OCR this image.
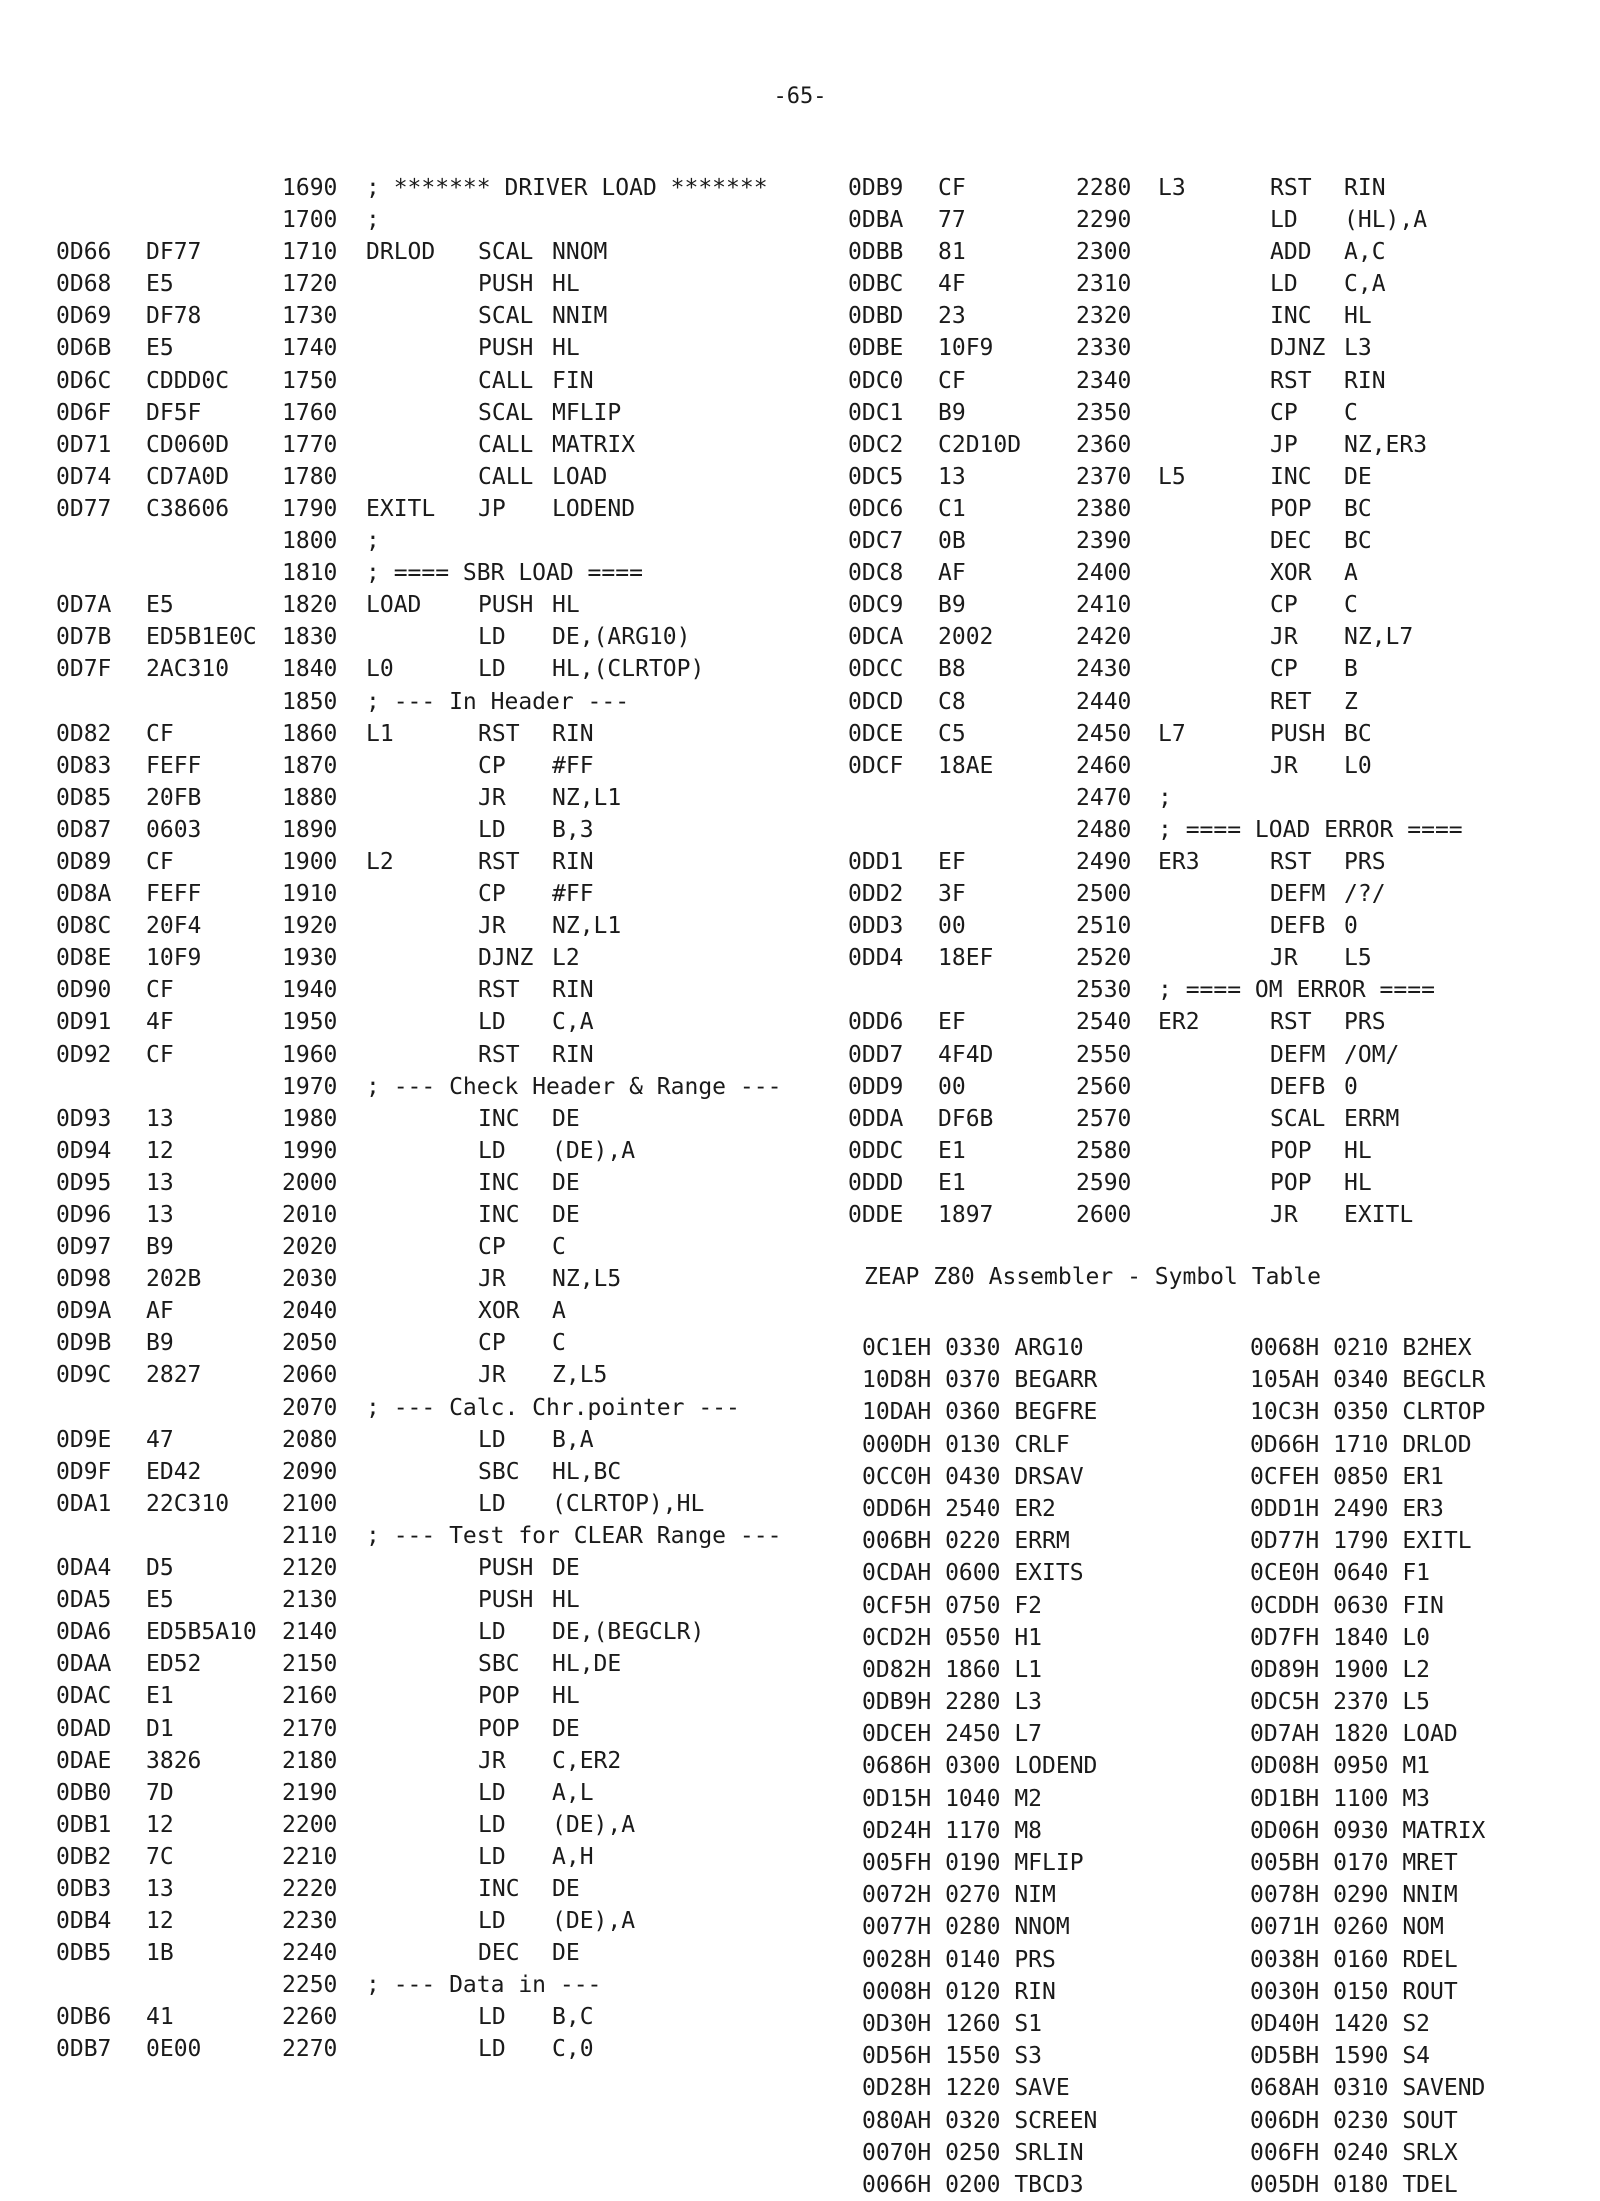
-65-
1690 ; ******* DRIVER LOAD *******
1700 ;
0D66 DF77	1710 DRLOD SCAL NNOM
0D68 E5	1720	PUSH HL
0D69 DF78	1730	SCAL NNIM
0D6B E5	1740	PUSH HL
0D6C CDDD0C 1750	CALL FIN
0D6F DF5F	1760	SCAL MFLIP
0D71 CD060D 1770	CALL MATRIX
0D74 CD7A0D 1780	CALL LOAD
0D77 C38606 1790 EXITL JP LODEND
1800 ;
1810 ; ==== SBR LOAD ====
0D7A E5	1820 LOAD PUSH HL
0D7B ED5B1E0C 1830	LD DE,(ARG10)
0D7F 2AC310 1840 L0	LD HL,(CLRTOP)
1850 ; --- In Header ---
0D82 CF	1860 L1	RST RIN
0D83 FEFF	1870	CP #FF
0D85 20FB	1880	JR NZ,L1
0D87 0603	1890	LD B,3
0D89 CF	1900 L2	RST RIN
0D8A FEFF	1910	CP #FF
0D8C 20F4	1920	JR NZ,L1
0D8E 10F9	1930	DJNZ L2
0D90 CF	1940	RST RIN
0D91 4F	1950	LD C,A
0D92 CF	1960	RST RIN
1970 ; --- Check Header & Range ---
0D93 13	1980	INC DE
0D94 12	1990	LD (DE),A
0D95 13	2000	INC DE
0D96 13	2010	INC DE
0D97 B9	2020	CP C
0D98 202B	2030	JR NZ,L5
0D9A AF	2040	XOR A
0D9B B9	2050	CP C
0D9C 2827	2060	JR Z,L5
2070 ; --- Calc. Chr.pointer ---
0D9E 47	2080	LD B,A
0D9F ED42	2090	SBC HL,BC
0DA1 22C310 2100	LD (CLRTOP),HL
2110 ; --- Test for CLEAR Range ---
0DA4 D5	2120	PUSH DE
0DA5 E5	2130	PUSH HL
0DA6 ED5B5A10 2140	LD DE,(BEGCLR)
0DAA ED52	2150	SBC HL,DE
0DAC E1	2160	POP HL
0DAD D1	2170	POP DE
0DAE 3826	2180	JR C,ER2
0DB0 7D	2190	LD A,L
0DB1 12	2200	LD (DE),A
0DB2 7C	2210	LD A,H
0DB3 13	2220	INC DE
0DB4 12	2230	LD (DE),A
0DB5 1B	2240	DEC DE
2250 ; --- Data in ---
0DB6 41	2260	LD B,C
0DB7 0E00	2270	LD C,0
0DB9 CF	2280 L3	RST RIN
0DBA 77	2290	LD (HL),A
0DBB 81	2300	ADD A,C
0DBC 4F	2310	LD C,A
0DBD 23	2320	INC HL
0DBE 10F9	2330	DJNZ L3
0DC0 CF	2340	RST RIN
0DC1 B9	2350	CP C
0DC2 C2D10D 2360	JP NZ,ER3
0DC5 13	2370 L5	INC DE
0DC6 C1	2380	POP BC
0DC7 0B	2390	DEC BC
0DC8 AF	2400	XOR A
0DC9 B9	2410	CP C
0DCA 2002	2420	JR NZ,L7
0DCC B8	2430	CP B
0DCD C8	2440	RET Z
0DCE C5	2450 L7	PUSH BC
0DCF 18AE	2460	JR L0
2470 ;
2480 ; ==== LOAD ERROR ====
0DD1 EF	2490 ER3	RST PRS
0DD2 3F	2500	DEFM /?/
0DD3 00	2510	DEFB 0
0DD4 18EF	2520	JR L5
2530 ; ==== OM ERROR ====
0DD6 EF	2540 ER2	RST PRS
0DD7 4F4D	2550	DEFM /OM/
0DD9 00	2560	DEFB 0
0DDA DF6B	2570	SCAL ERRM
0DDC E1	2580	POP HL
0DDD E1	2590	POP HL
0DDE 1897	2600	JR EXITL
ZEAP Z80 Assembler - Symbol Table
0C1EH 0330 ARG10	0068H 0210 B2HEX
10D8H 0370 BEGARR	105AH 0340 BEGCLR
10DAH 0360 BEGFRE	10C3H 0350 CLRTOP
000DH 0130 CRLF	0D66H 1710 DRLOD
0CC0H 0430 DRSAV	0CFEH 0850 ER1
0DD6H 2540 ER2	0DD1H 2490 ER3
006BH 0220 ERRM	0D77H 1790 EXITL
0CDAH 0600 EXITS	0CE0H 0640 F1
0CF5H 0750 F2	0CDDH 0630 FIN
0CD2H 0550 H1	0D7FH 1840 L0
0D82H 1860 L1	0D89H 1900 L2
0DB9H 2280 L3	0DC5H 2370 L5
0DCEH 2450 L7	0D7AH 1820 LOAD
0686H 0300 LODEND	0D08H 0950 M1
0D15H 1040 M2	0D1BH 1100 M3
0D24H 1170 M8	0D06H 0930 MATRIX
005FH 0190 MFLIP	005BH 0170 MRET
0072H 0270 NIM	0078H 0290 NNIM
0077H 0280 NNOM	0071H 0260 NOM
0028H 0140 PRS	0038H 0160 RDEL
0008H 0120 RIN	0030H 0150 ROUT
0D30H 1260 S1	0D40H 1420 S2
0D56H 1550 S3	0D5BH 1590 S4
0D28H 1220 SAVE	068AH 0310 SAVEND
080AH 0320 SCREEN	006DH 0230 SOUT
0070H 0250 SRLIN	006FH 0240 SRLX
0066H 0200 TBCD3	005DH 0180 TDEL
